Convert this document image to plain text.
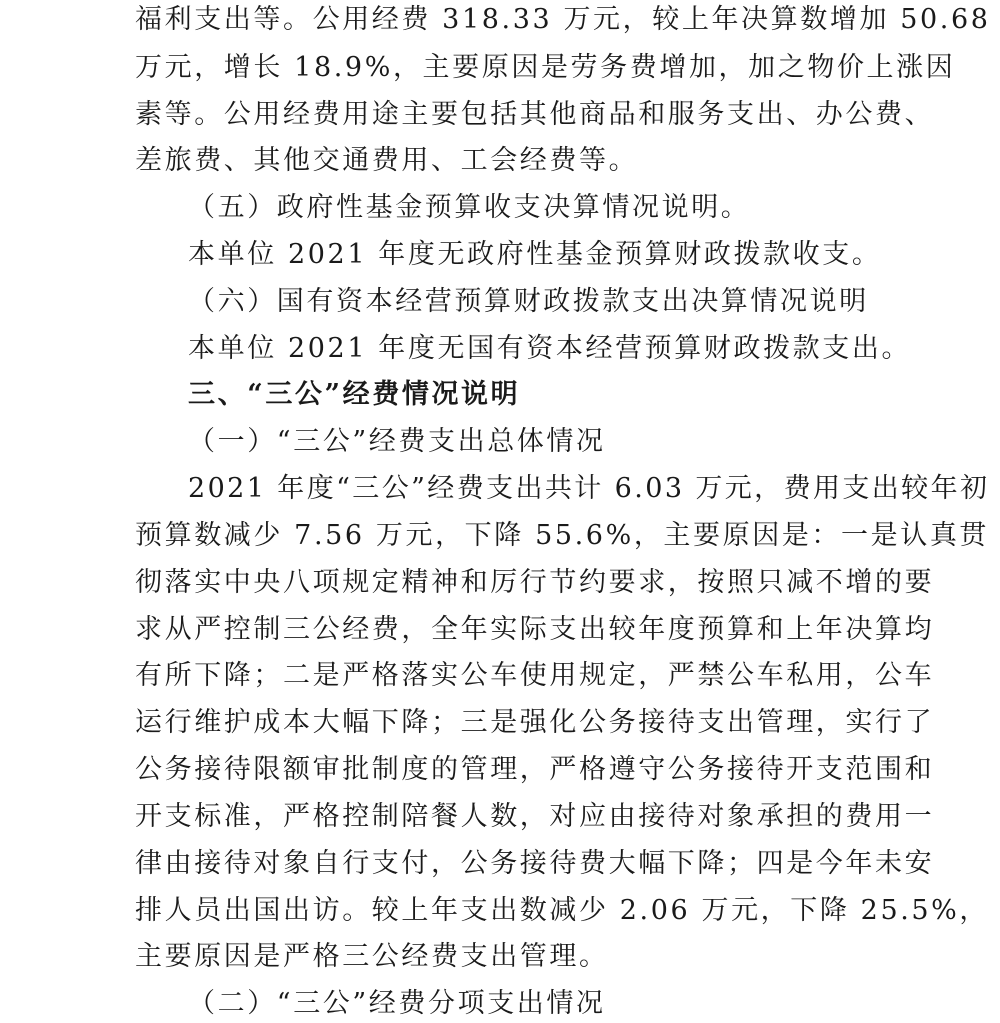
福利支出等。公用经费 318.33 万元，较上年决算数增加 50.68
万元，增长 18.9%，主要原因是劳务费增加，加之物价上涨因
素等。公用经费用途主要包括其他商品和服务支出、办公费、
差旅费、其他交通费用、工会经费等。
（五）政府性基金预算收支决算情况说明。
本单位 2021 年度无政府性基金预算财政拨款收支。
（六）国有资本经营预算财政拨款支出决算情况说明
本单位 2021 年度无国有资本经营预算财政拨款支出。
三、“三公”经费情况说明
（一）“三公”经费支出总体情况
2021 年度“三公”经费支出共计 6.03 万元，费用支出较年初
预算数减少 7.56 万元，下降 55.6%，主要原因是：一是认真贯
彻落实中央八项规定精神和厉行节约要求，按照只减不增的要
求从严控制三公经费，全年实际支出较年度预算和上年决算均
有所下降；二是严格落实公车使用规定，严禁公车私用，公车
运行维护成本大幅下降；三是强化公务接待支出管理，实行了
公务接待限额审批制度的管理，严格遵守公务接待开支范围和
开支标准，严格控制陪餐人数，对应由接待对象承担的费用一
律由接待对象自行支付，公务接待费大幅下降；四是今年未安
排人员出国出访。较上年支出数减少 2.06 万元，下降 25.5%，
主要原因是严格三公经费支出管理。
（二）“三公”经费分项支出情况
